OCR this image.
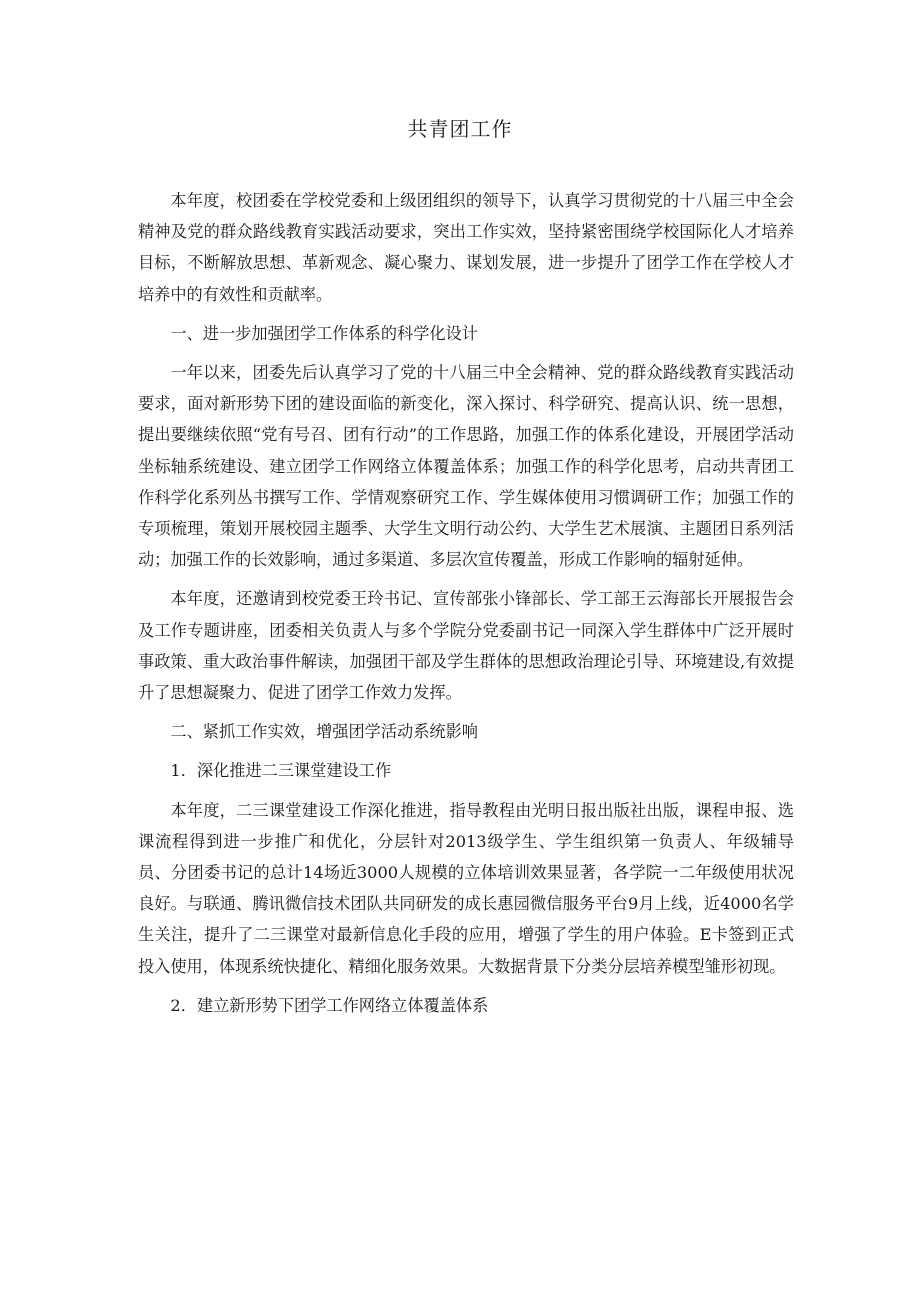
共青团工作

本年度，校团委在学校党委和上级团组织的领导下，认真学习贯彻党的十八届三中全会精神及党的群众路线教育实践活动要求，突出工作实效，坚持紧密围绕学校国际化人才培养目标，不断解放思想、革新观念、凝心聚力、谋划发展，进一步提升了团学工作在学校人才培养中的有效性和贡献率。

一、进一步加强团学工作体系的科学化设计

一年以来，团委先后认真学习了党的十八届三中全会精神、党的群众路线教育实践活动要求，面对新形势下团的建设面临的新变化，深入探讨、科学研究、提高认识、统一思想，提出要继续依照“党有号召、团有行动”的工作思路，加强工作的体系化建设，开展团学活动坐标轴系统建设、建立团学工作网络立体覆盖体系；加强工作的科学化思考，启动共青团工作科学化系列丛书撰写工作、学情观察研究工作、学生媒体使用习惯调研工作；加强工作的专项梳理，策划开展校园主题季、大学生文明行动公约、大学生艺术展演、主题团日系列活动；加强工作的长效影响，通过多渠道、多层次宣传覆盖，形成工作影响的辐射延伸。

本年度，还邀请到校党委王玲书记、宣传部张小锋部长、学工部王云海部长开展报告会及工作专题讲座，团委相关负责人与多个学院分党委副书记一同深入学生群体中广泛开展时事政策、重大政治事件解读，加强团干部及学生群体的思想政治理论引导、环境建设,有效提升了思想凝聚力、促进了团学工作效力发挥。

二、紧抓工作实效，增强团学活动系统影响

1．深化推进二三课堂建设工作

本年度，二三课堂建设工作深化推进，指导教程由光明日报出版社出版，课程申报、选课流程得到进一步推广和优化，分层针对2013级学生、学生组织第一负责人、年级辅导员、分团委书记的总计14场近3000人规模的立体培训效果显著，各学院一二年级使用状况良好。与联通、腾讯微信技术团队共同研发的成长惠园微信服务平台9月上线，近4000名学生关注，提升了二三课堂对最新信息化手段的应用，增强了学生的用户体验。E卡签到正式投入使用，体现系统快捷化、精细化服务效果。大数据背景下分类分层培养模型雏形初现。

2．建立新形势下团学工作网络立体覆盖体系
